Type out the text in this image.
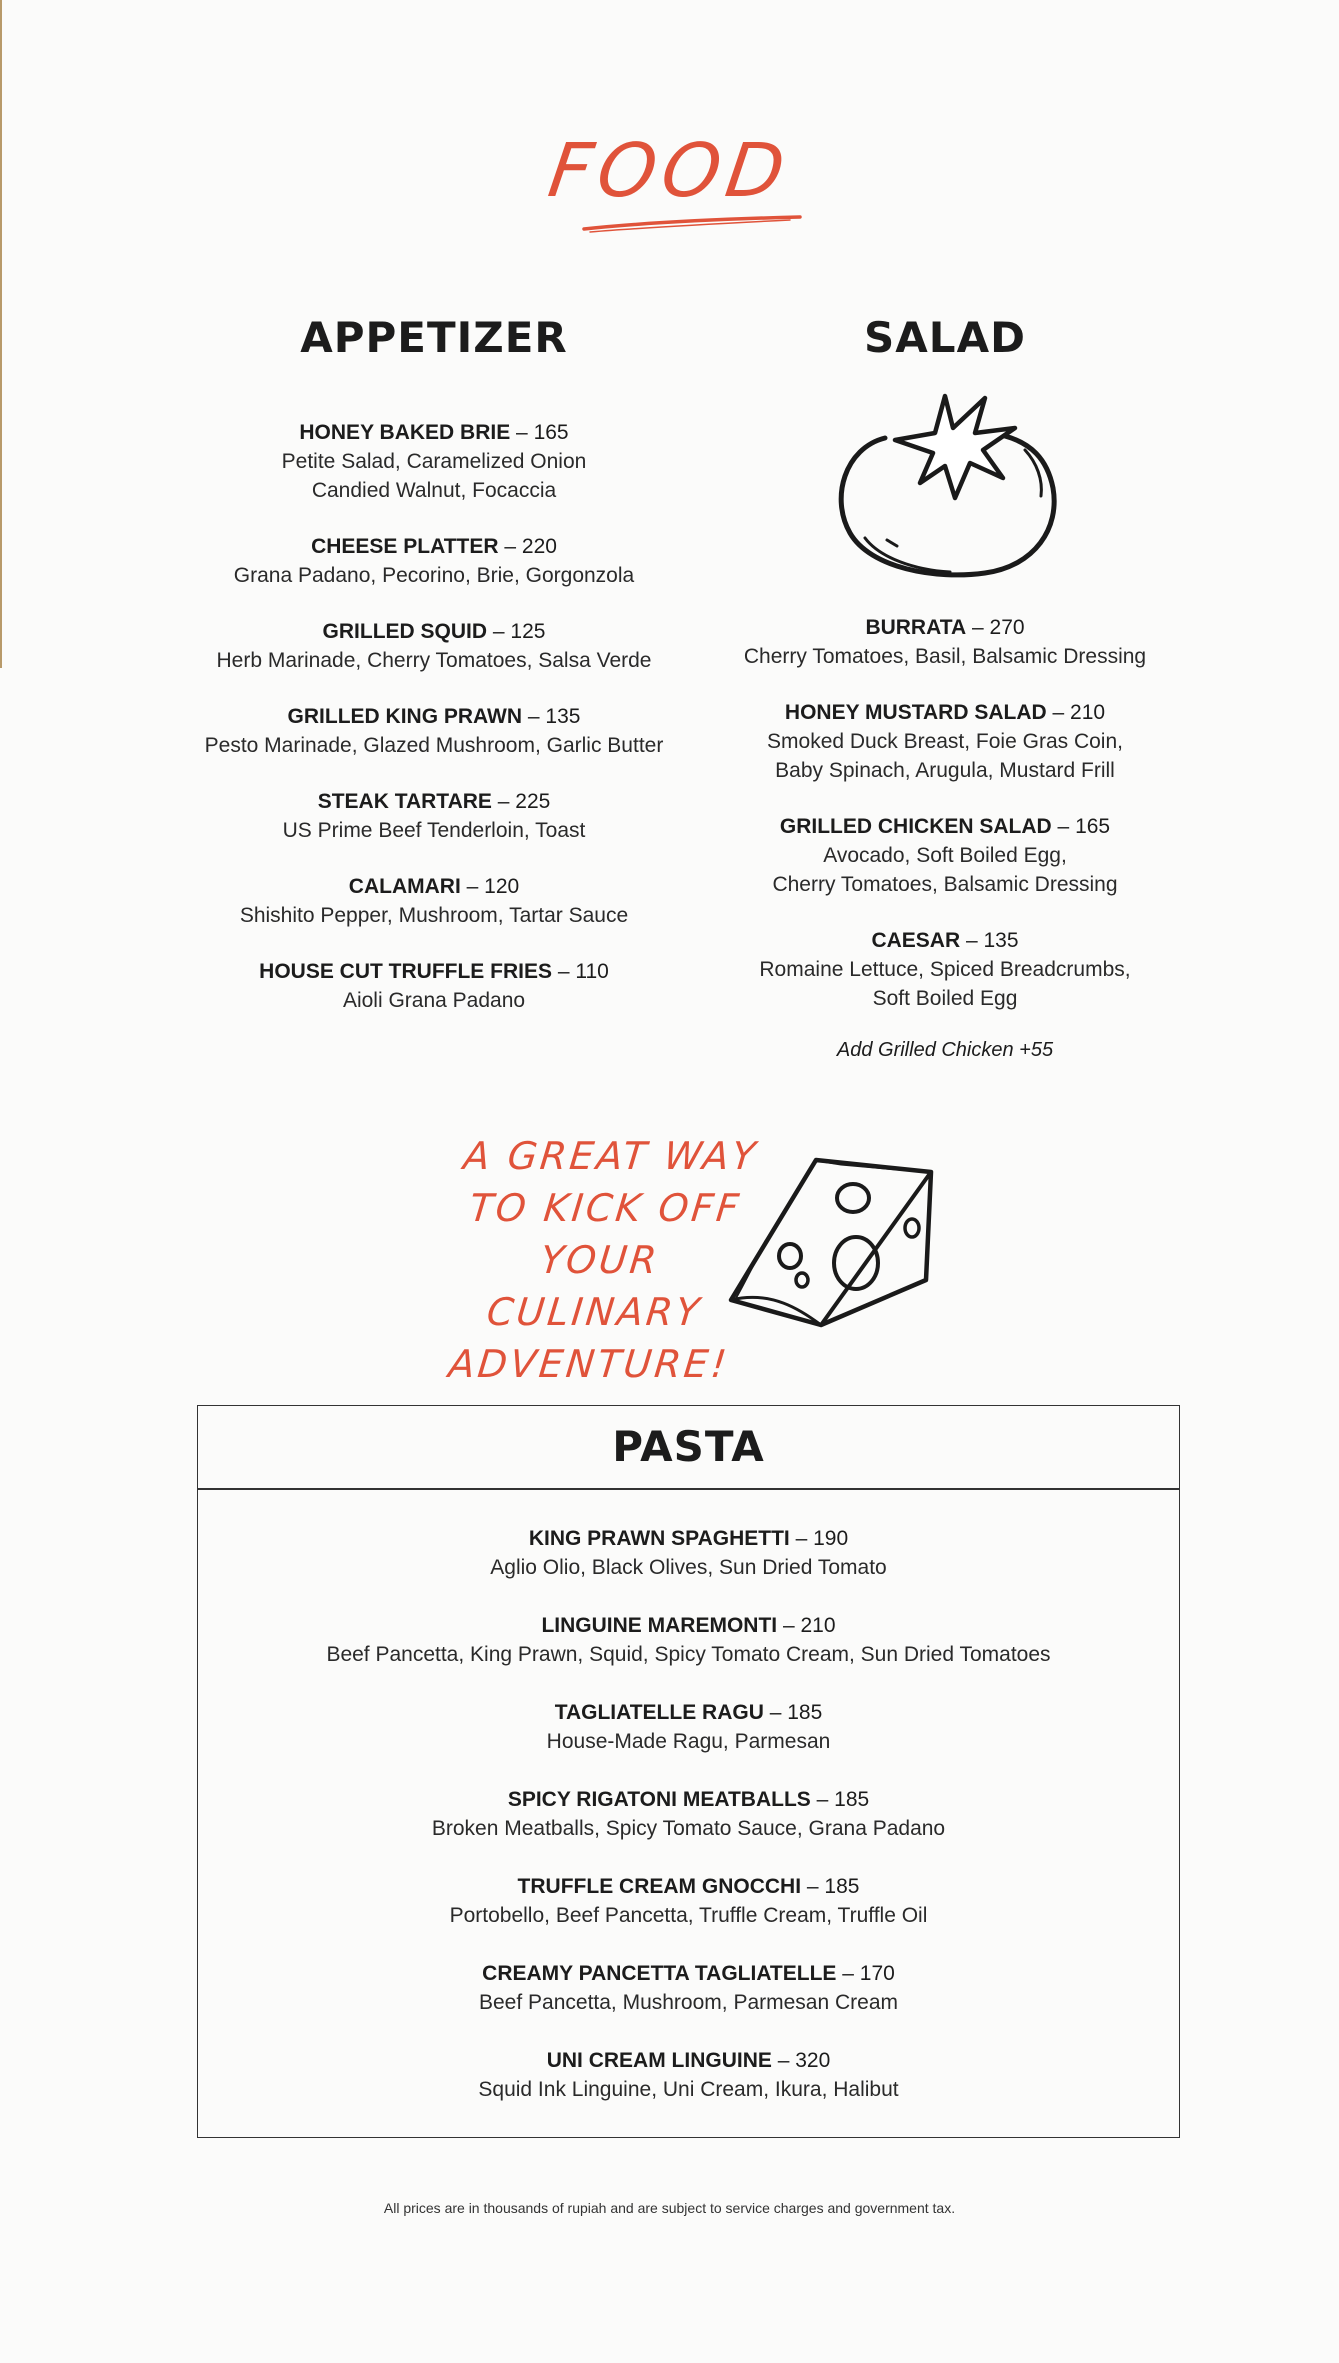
FOOD
APPETIZER
HONEY BAKED BRIE – 165
Petite Salad, Caramelized Onion
Candied Walnut, Focaccia
CHEESE PLATTER – 220
Grana Padano, Pecorino, Brie, Gorgonzola
GRILLED SQUID – 125
Herb Marinade, Cherry Tomatoes, Salsa Verde
GRILLED KING PRAWN – 135
Pesto Marinade, Glazed Mushroom, Garlic Butter
STEAK TARTARE – 225
US Prime Beef Tenderloin, Toast
CALAMARI – 120
Shishito Pepper, Mushroom, Tartar Sauce
HOUSE CUT TRUFFLE FRIES – 110
Aioli Grana Padano
SALAD
BURRATA – 270
Cherry Tomatoes, Basil, Balsamic Dressing
HONEY MUSTARD SALAD – 210
Smoked Duck Breast, Foie Gras Coin,
Baby Spinach, Arugula, Mustard Frill
GRILLED CHICKEN SALAD – 165
Avocado, Soft Boiled Egg,
Cherry Tomatoes, Balsamic Dressing
CAESAR – 135
Romaine Lettuce, Spiced Breadcrumbs,
Soft Boiled Egg
Add Grilled Chicken +55
A GREAT WAY
TO KICK OFF YOUR
CULINARY
ADVENTURE!
PASTA
KING PRAWN SPAGHETTI – 190
Aglio Olio, Black Olives, Sun Dried Tomato
LINGUINE MAREMONTI – 210
Beef Pancetta, King Prawn, Squid, Spicy Tomato Cream, Sun Dried Tomatoes
TAGLIATELLE RAGU – 185
House-Made Ragu, Parmesan
SPICY RIGATONI MEATBALLS – 185
Broken Meatballs, Spicy Tomato Sauce, Grana Padano
TRUFFLE CREAM GNOCCHI – 185
Portobello, Beef Pancetta, Truffle Cream, Truffle Oil
CREAMY PANCETTA TAGLIATELLE – 170
Beef Pancetta, Mushroom, Parmesan Cream
UNI CREAM LINGUINE – 320
Squid Ink Linguine, Uni Cream, Ikura, Halibut
All prices are in thousands of rupiah and are subject to service charges and government tax.
